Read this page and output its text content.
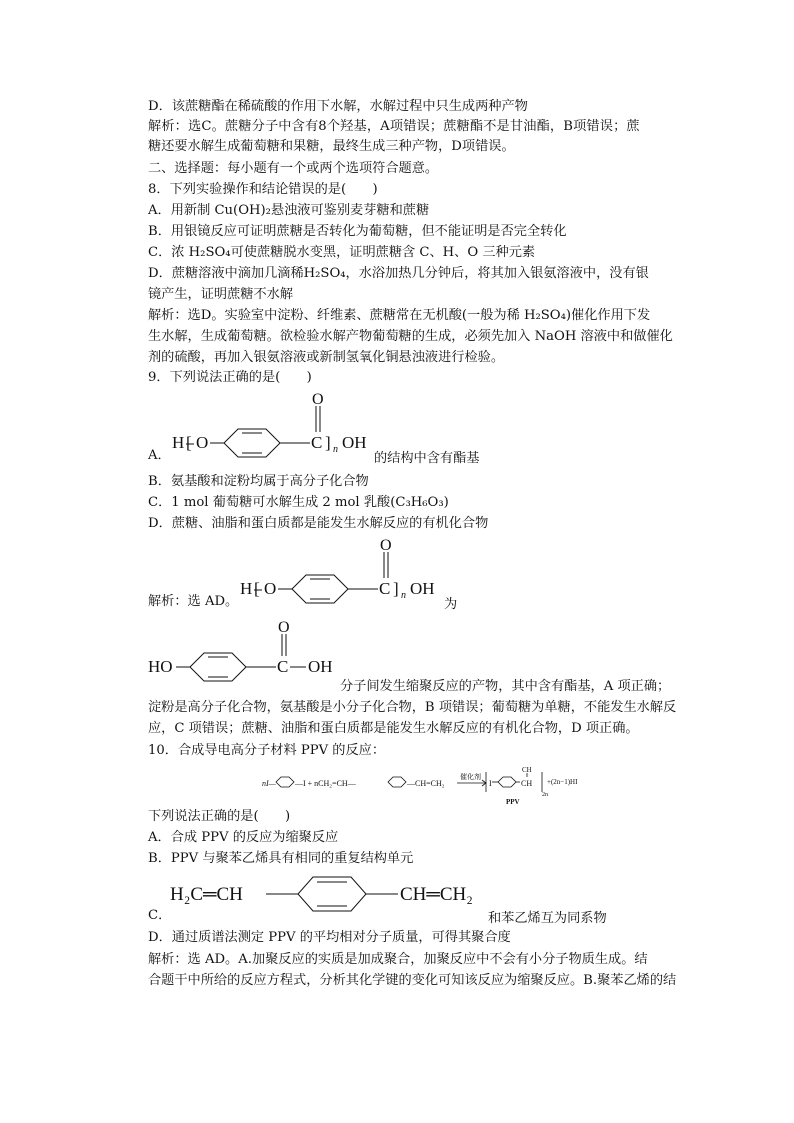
D．该蔗糖酯在稀硫酸的作用下水解，水解过程中只生成两种产物
解析：选C。蔗糖分子中含有8个羟基，A项错误；蔗糖酯不是甘油酯，B项错误；蔗
糖还要水解生成葡萄糖和果糖，最终生成三种产物，D项错误。
二、选择题：每小题有一个或两个选项符合题意。
8．下列实验操作和结论错误的是(　　)
A．用新制 Cu(OH)₂悬浊液可鉴别麦芽糖和蔗糖
B．用银镜反应可证明蔗糖是否转化为葡萄糖，但不能证明是否完全转化
C．浓 H₂SO₄可使蔗糖脱水变黑，证明蔗糖含 C、H、O 三种元素
D．蔗糖溶液中滴加几滴稀H₂SO₄，水浴加热几分钟后，将其加入银氨溶液中，没有银
镜产生，证明蔗糖不水解
解析：选D。实验室中淀粉、纤维素、蔗糖常在无机酸(一般为稀 H₂SO₄)催化作用下发
生水解，生成葡萄糖。欲检验水解产物葡萄糖的生成，必须先加入 NaOH 溶液中和做催化
剂的硫酸，再加入银氨溶液或新制氢氧化铜悬浊液进行检验。
9．下列说法正确的是(　　)
A．
H [ O	C
O
] n OH
的结构中含有酯基
B．氨基酸和淀粉均属于高分子化合物
C．1 mol 葡萄糖可水解生成 2 mol 乳酸(C₃H₆O₃)
D．蔗糖、油脂和蛋白质都是能发生水解反应的有机化合物
解析：选 AD。
H [ O	C
O
] n OH
为
HO	C
O
OH
分子间发生缩聚反应的产物，其中含有酯基，A 项正确；
淀粉是高分子化合物，氨基酸是小分子化合物，B 项错误；葡萄糖为单糖，不能发生水解反
应，C 项错误；蔗糖、油脂和蛋白质都是能发生水解反应的有机化合物，D 项正确。
10．合成导电高分子材料 PPV 的反应：
nI— —I + nCH₂=CH—	—CH=CH₂
催化剂
I	CH
CH
2n
+(2n−1)HI
PPV
下列说法正确的是(　　)
A．合成 PPV 的反应为缩聚反应
B．PPV 与聚苯乙烯具有相同的重复结构单元
C．
H₂C═CH	CH═CH₂
和苯乙烯互为同系物
D．通过质谱法测定 PPV 的平均相对分子质量，可得其聚合度
解析：选 AD。A.加聚反应的实质是加成聚合，加聚反应中不会有小分子物质生成。结
合题干中所给的反应方程式，分析其化学键的变化可知该反应为缩聚反应。B.聚苯乙烯的结
